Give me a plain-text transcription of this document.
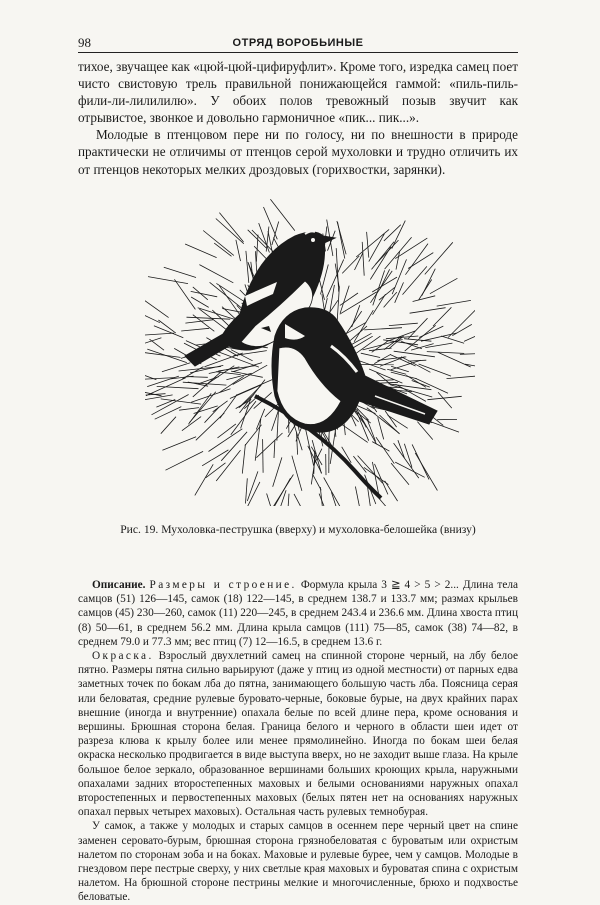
98	ОТРЯД ВОРОБЬИНЫЕ

тихое, звучащее как «цюй-цюй-цифируфлит». Кроме того, изредка самец поет чисто свистовую трель правильной понижающейся гаммой: «пиль-пиль-фили-ли-лилилилю». У обоих полов тревожный позыв звучит как отрывистое, звонкое и довольно гармоничное «пик... пик...».

Молодые в птенцовом пере ни по голосу, ни по внешности в природе практически не отличимы от птенцов серой мухоловки и трудно отличить их от птенцов некоторых мелких дроздовых (горихвостки, зарянки).

Рис. 19. Мухоловка-пеструшка (вверху) и мухоловка-белошейка (внизу)

Описание. Размеры и строение. Формула крыла 3 ≧ 4 > 5 > 2... Длина тела самцов (51) 126—145, самок (18) 122—145, в среднем 138.7 и 133.7 мм; размах крыльев самцов (45) 230—260, самок (11) 220—245, в среднем 243.4 и 236.6 мм. Длина хвоста птиц (8) 50—61, в среднем 56.2 мм. Длина крыла самцов (111) 75—85, самок (38) 74—82, в среднем 79.0 и 77.3 мм; вес птиц (7) 12—16.5, в среднем 13.6 г.

Окраска. Взрослый двухлетний самец на спинной стороне черный, на лбу белое пятно. Размеры пятна сильно варьируют (даже у птиц из одной местности) от парных едва заметных точек по бокам лба до пятна, занимающего большую часть лба. Поясница серая или беловатая, средние рулевые буровато-черные, боковые бурые, на двух крайних парах внешние (иногда и внутренние) опахала белые по всей длине пера, кроме основания и вершины. Брюшная сторона белая. Граница белого и черного в области шеи идет от разреза клюва к крылу более или менее прямолинейно. Иногда по бокам шеи белая окраска несколько продвигается в виде выступа вверх, но не заходит выше глаза. На крыле большое белое зеркало, образованное вершинами больших кроющих крыла, наружными опахалами задних второстепенных маховых и белыми основаниями наружных опахал второстепенных и первостепенных маховых (белых пятен нет на основаниях наружных опахал первых четырех маховых). Остальная часть рулевых темнобурая.

У самок, а также у молодых и старых самцов в осеннем пере черный цвет на спине заменен серовато-бурым, брюшная сторона грязнобеловатая с буроватым или охристым налетом по сторонам зоба и на боках. Маховые и рулевые буреe, чем у самцов. Молодые в гнездовом пере пестрые сверху, у них светлые края маховых и буроватая спина с охристым налетом. На брюшной стороне пестрины мелкие и многочисленные, брюхо и подхвостье беловатые.
